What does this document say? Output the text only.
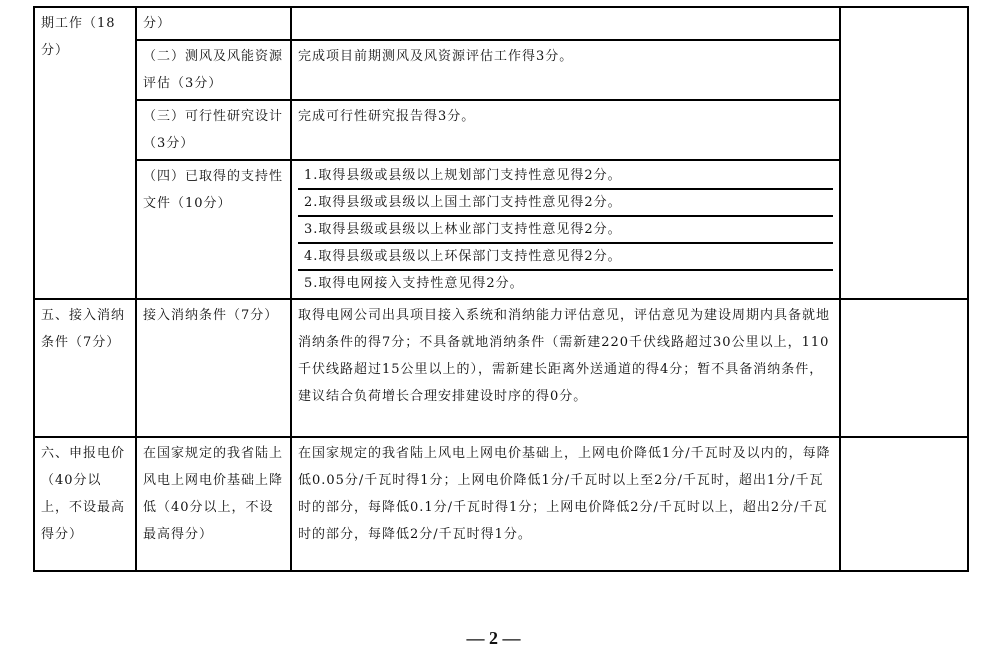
期工作（18分）	分）		
	（二）测风及风能资源评估（3分）	完成项目前期测风及风资源评估工作得3分。	
	（三）可行性研究设计（3分）	完成可行性研究报告得3分。	
	（四）已取得的支持性文件（10分）	1.取得县级或县级以上规划部门支持性意见得2分。
2.取得县级或县级以上国土部门支持性意见得2分。
3.取得县级或县级以上林业部门支持性意见得2分。
4.取得县级或县级以上环保部门支持性意见得2分。
5.取得电网接入支持性意见得2分。	

五、接入消纳条件（7分）	接入消纳条件（7分）	取得电网公司出具项目接入系统和消纳能力评估意见，评估意见为建设周期内具备就地消纳条件的得7分；不具备就地消纳条件（需新建220千伏线路超过30公里以上，110千伏线路超过15公里以上的），需新建长距离外送通道的得4分；暂不具备消纳条件，建议结合负荷增长合理安排建设时序的得0分。	
六、申报电价（40分以上，不设最高得分）	在国家规定的我省陆上风电上网电价基础上降低（40分以上，不设最高得分）	在国家规定的我省陆上风电上网电价基础上，上网电价降低1分/千瓦时及以内的，每降低0.05分/千瓦时得1分；上网电价降低1分/千瓦时以上至2分/千瓦时，超出1分/千瓦时的部分，每降低0.1分/千瓦时得1分；上网电价降低2分/千瓦时以上，超出2分/千瓦时的部分，每降低2分/千瓦时得1分。	
— 2 —
